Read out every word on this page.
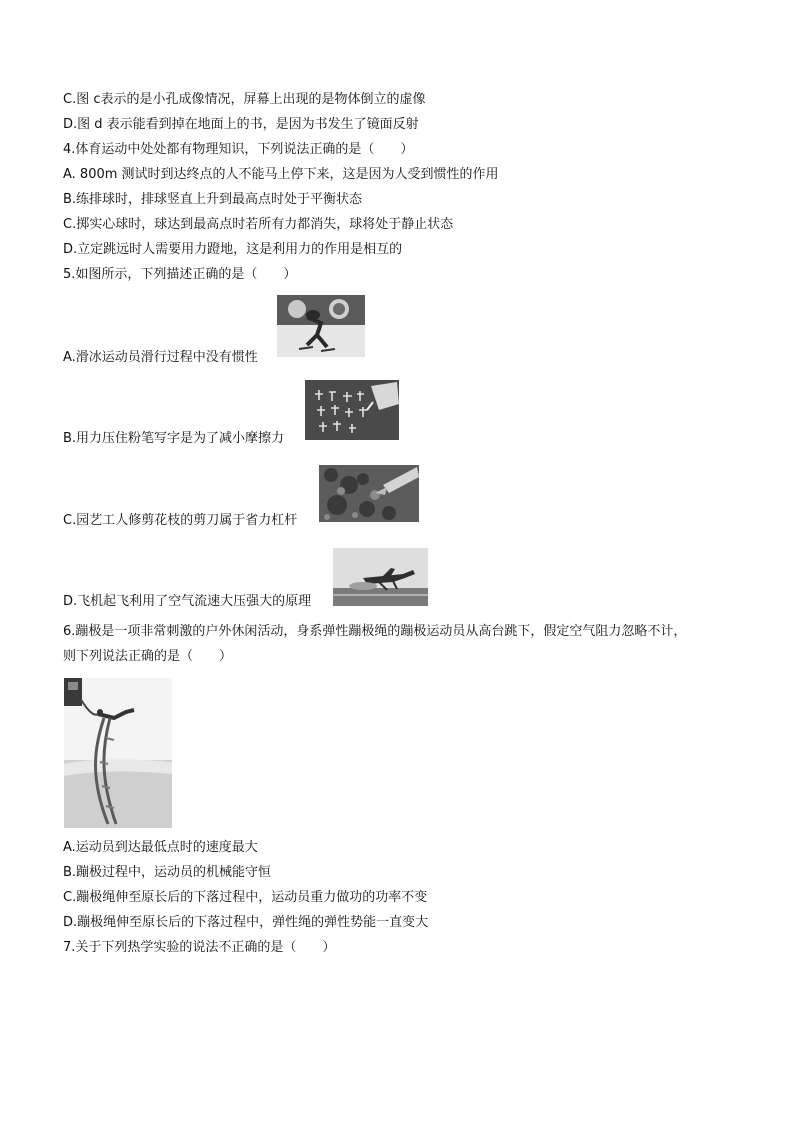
C.图 c表示的是小孔成像情况，屏幕上出现的是物体倒立的虚像
D.图 d 表示能看到掉在地面上的书，是因为书发生了镜面反射
4.体育运动中处处都有物理知识，下列说法正确的是（　　）
A. 800m 测试时到达终点的人不能马上停下来，这是因为人受到惯性的作用
B.练排球时，排球竖直上升到最高点时处于平衡状态
C.掷实心球时，球达到最高点时若所有力都消失，球将处于静止状态
D.立定跳远时人需要用力蹬地，这是利用力的作用是相互的
5.如图所示，下列描述正确的是（　　）
A.滑冰运动员滑行过程中没有惯性
B.用力压住粉笔写字是为了减小摩擦力
C.园艺工人修剪花枝的剪刀属于省力杠杆
D.飞机起飞利用了空气流速大压强大的原理
6.蹦极是一项非常刺激的户外休闲活动，身系弹性蹦极绳的蹦极运动员从高台跳下，假定空气阻力忽略不计，
则下列说法正确的是（　　）
A.运动员到达最低点时的速度最大
B.蹦极过程中，运动员的机械能守恒
C.蹦极绳伸至原长后的下落过程中，运动员重力做功的功率不变
D.蹦极绳伸至原长后的下落过程中，弹性绳的弹性势能一直变大
7.关于下列热学实验的说法不正确的是（　　）
